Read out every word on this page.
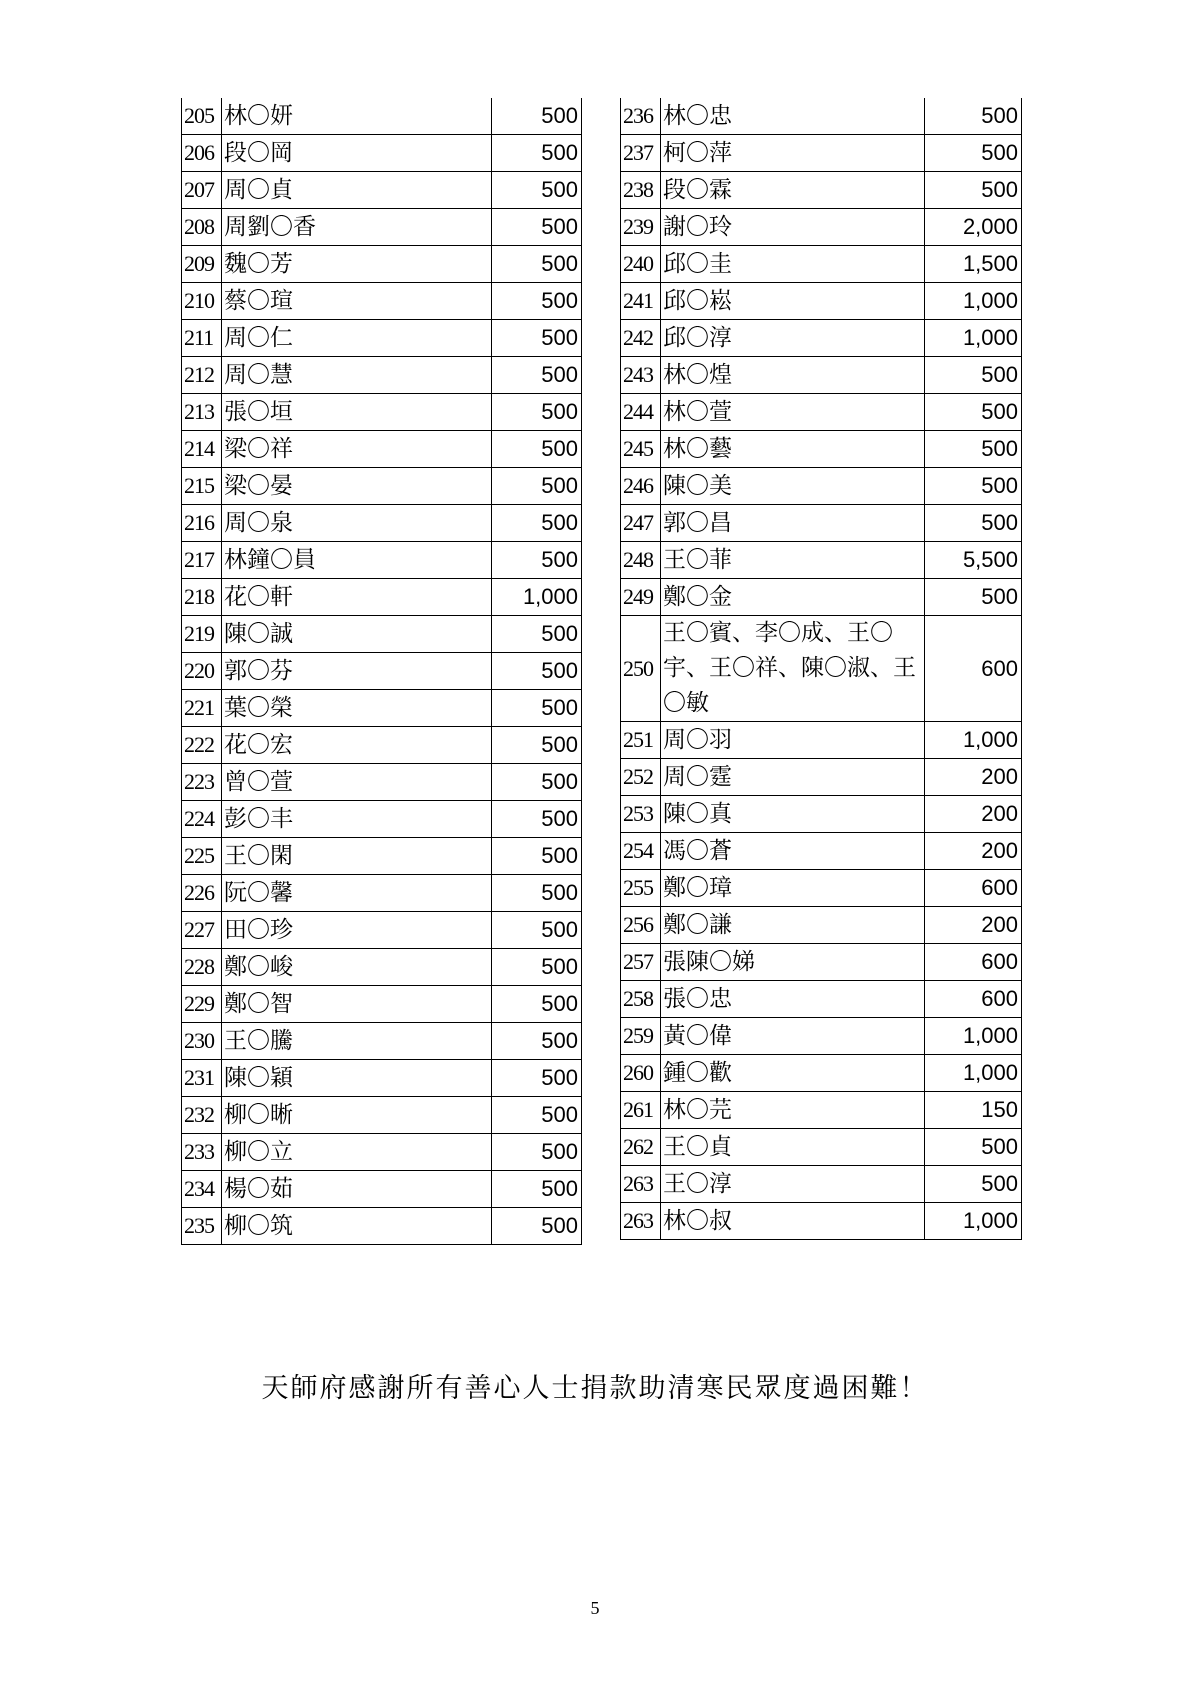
205	林〇妍	500
206	段〇岡	500
207	周〇貞	500
208	周劉〇香	500
209	魏〇芳	500
210	蔡〇瑄	500
211	周〇仁	500
212	周〇慧	500
213	張〇垣	500
214	梁〇祥	500
215	梁〇晏	500
216	周〇泉	500
217	林鐘〇員	500
218	花〇軒	1,000
219	陳〇誠	500
220	郭〇芬	500
221	葉〇榮	500
222	花〇宏	500
223	曾〇萱	500
224	彭〇丰	500
225	王〇閑	500
226	阮〇馨	500
227	田〇珍	500
228	鄭〇峻	500
229	鄭〇智	500
230	王〇騰	500
231	陳〇穎	500
232	柳〇晰	500
233	柳〇立	500
234	楊〇茹	500
235	柳〇筑	500
236	林〇忠	500
237	柯〇萍	500
238	段〇霖	500
239	謝〇玲	2,000
240	邱〇圭	1,500
241	邱〇崧	1,000
242	邱〇淳	1,000
243	林〇煌	500
244	林〇萱	500
245	林〇藝	500
246	陳〇美	500
247	郭〇昌	500
248	王〇菲	5,500
249	鄭〇金	500
250	王〇賓、李〇成、王〇宇、王〇祥、陳〇淑、王〇敏	600
251	周〇羽	1,000
252	周〇霆	200
253	陳〇真	200
254	馮〇蒼	200
255	鄭〇璋	600
256	鄭〇謙	200
257	張陳〇娣	600
258	張〇忠	600
259	黃〇偉	1,000
260	鍾〇歡	1,000
261	林〇芫	150
262	王〇貞	500
263	王〇淳	500
263	林〇叔	1,000
天師府感謝所有善心人士捐款助清寒民眾度過困難！
5
